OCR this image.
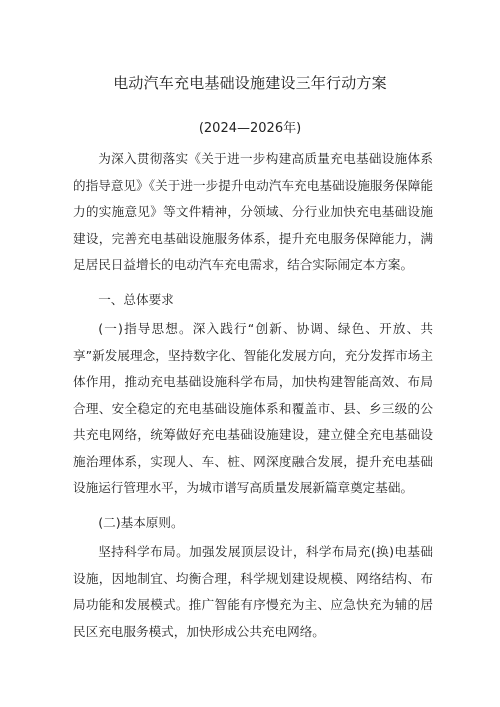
电动汽车充电基础设施建设三年行动方案
(2024—2026年)

为深入贯彻落实《关于进一步构建高质量充电基础设施体系的指导意见》《关于进一步提升电动汽车充电基础设施服务保障能力的实施意见》等文件精神，分领域、分行业加快充电基础设施建设，完善充电基础设施服务体系，提升充电服务保障能力，满足居民日益增长的电动汽车充电需求，结合实际闹定本方案。

一、总体要求

(一)指导思想。深入践行“创新、协调、绿色、开放、共享”新发展理念，坚持数字化、智能化发展方向，充分发挥市场主体作用，推动充电基础设施科学布局，加快构建智能高效、布局合理、安全稳定的充电基础设施体系和覆盖市、县、乡三级的公共充电网络，统筹做好充电基础设施建设，建立健全充电基础设施治理体系，实现人、车、桩、网深度融合发展，提升充电基础设施运行管理水平，为城市谱写高质量发展新篇章奠定基础。

(二)基本原则。

坚持科学布局。加强发展顶层设计，科学布局充(换)电基础设施，因地制宜、均衡合理，科学规划建设规模、网络结构、布局功能和发展模式。推广智能有序慢充为主、应急快充为辅的居民区充电服务模式，加快形成公共充电网络。
